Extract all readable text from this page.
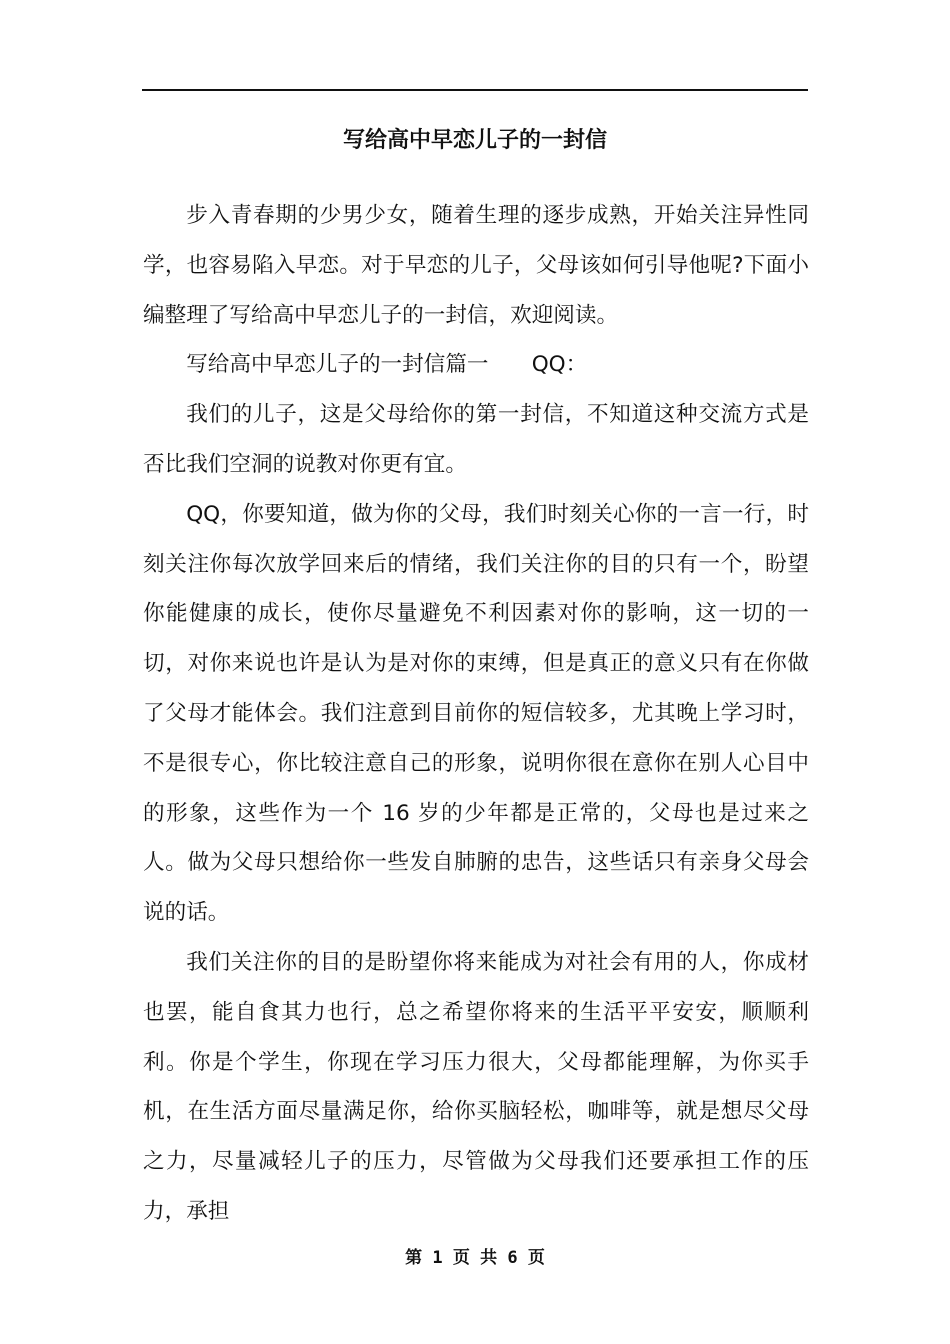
写给高中早恋儿子的一封信

步入青春期的少男少女，随着生理的逐步成熟，开始关注异性同学，也容易陷入早恋。对于早恋的儿子，父母该如何引导他呢?下面小编整理了写给高中早恋儿子的一封信，欢迎阅读。

写给高中早恋儿子的一封信篇一　　QQ：

我们的儿子，这是父母给你的第一封信，不知道这种交流方式是否比我们空洞的说教对你更有宜。

QQ，你要知道，做为你的父母，我们时刻关心你的一言一行，时刻关注你每次放学回来后的情绪，我们关注你的目的只有一个，盼望你能健康的成长，使你尽量避免不利因素对你的影响，这一切的一切，对你来说也许是认为是对你的束缚，但是真正的意义只有在你做了父母才能体会。我们注意到目前你的短信较多，尤其晚上学习时，不是很专心，你比较注意自己的形象，说明你很在意你在别人心目中的形象，这些作为一个 16 岁的少年都是正常的，父母也是过来之人。做为父母只想给你一些发自肺腑的忠告，这些话只有亲身父母会说的话。

我们关注你的目的是盼望你将来能成为对社会有用的人，你成材也罢，能自食其力也行，总之希望你将来的生活平平安安，顺顺利利。你是个学生，你现在学习压力很大，父母都能理解，为你买手机，在生活方面尽量满足你，给你买脑轻松，咖啡等，就是想尽父母之力，尽量减轻儿子的压力，尽管做为父母我们还要承担工作的压力，承担

第 1 页 共 6 页
